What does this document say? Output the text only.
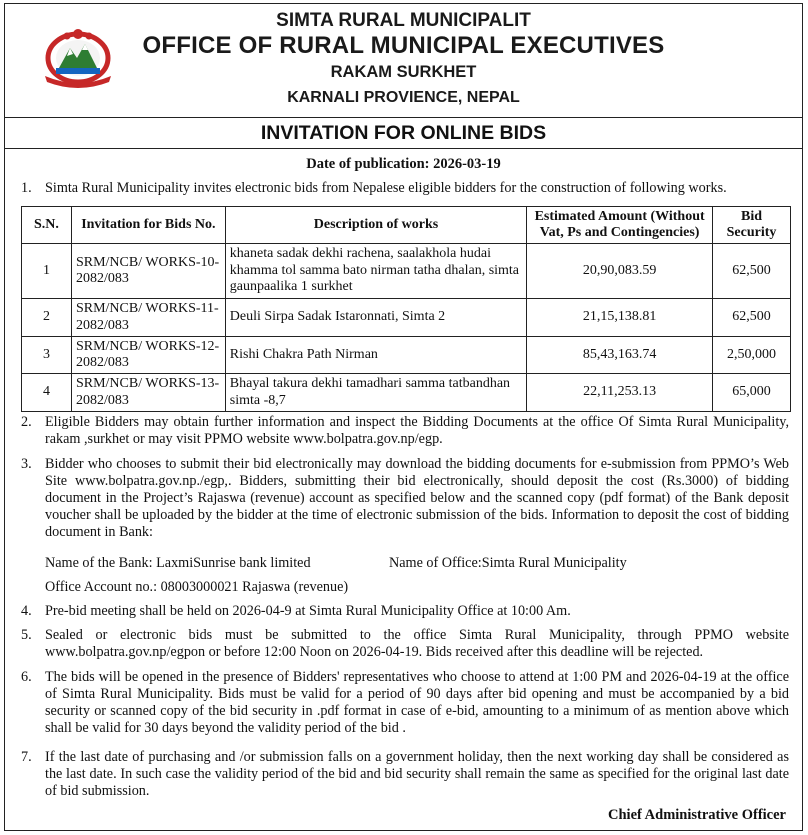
SIMTA RURAL MUNICIPALIT
OFFICE OF RURAL MUNICIPAL EXECUTIVES
RAKAM SURKHET
KARNALI PROVIENCE, NEPAL
INVITATION FOR ONLINE BIDS
Date of publication: 2026-03-19
1. Simta Rural Municipality invites electronic bids from Nepalese eligible bidders for the construction of following works.
S.N.	Invitation for Bids No.	Description of works	Estimated Amount (Without Vat, Ps and Contingencies)	Bid Security
1	SRM/NCB/ WORKS-10-2082/083	khaneta sadak dekhi rachena, saalakhola hudai khamma tol samma bato nirman tatha dhalan, simta gaunpaalika 1 surkhet	20,90,083.59	62,500
2	SRM/NCB/ WORKS-11-2082/083	Deuli Sirpa Sadak Istaronnati, Simta 2	21,15,138.81	62,500
3	SRM/NCB/ WORKS-12-2082/083	Rishi Chakra Path Nirman	85,43,163.74	2,50,000
4	SRM/NCB/ WORKS-13-2082/083	Bhayal takura dekhi tamadhari samma tatbandhan simta -8,7	22,11,253.13	65,000
2. Eligible Bidders may obtain further information and inspect the Bidding Documents at the office Of Simta Rural Municipality, rakam ,surkhet or may visit PPMO website www.bolpatra.gov.np/egp.
3. Bidder who chooses to submit their bid electronically may download the bidding documents for e-submission from PPMO’s Web Site www.bolpatra.gov.np./egp,. Bidders, submitting their bid electronically, should deposit the cost (Rs.3000) of bidding document in the Project’s Rajaswa (revenue) account as specified below and the scanned copy (pdf format) of the Bank deposit voucher shall be uploaded by the bidder at the time of electronic submission of the bids. Information to deposit the cost of bidding document in Bank:
Name of the Bank: LaxmiSunrise bank limited	Name of Office:Simta Rural Municipality
Office Account no.: 08003000021 Rajaswa (revenue)
4. Pre-bid meeting shall be held on 2026-04-9 at Simta Rural Municipality Office at 10:00 Am.
5. Sealed or electronic bids must be submitted to the office Simta Rural Municipality, through PPMO website www.bolpatra.gov.np/egpon or before 12:00 Noon on 2026-04-19. Bids received after this deadline will be rejected.
6. The bids will be opened in the presence of Bidders' representatives who choose to attend at 1:00 PM and 2026-04-19 at the office of Simta Rural Municipality. Bids must be valid for a period of 90 days after bid opening and must be accompanied by a bid security or scanned copy of the bid security in .pdf format in case of e-bid, amounting to a minimum of as mention above which shall be valid for 30 days beyond the validity period of the bid .
7. If the last date of purchasing and /or submission falls on a government holiday, then the next working day shall be considered as the last date. In such case the validity period of the bid and bid security shall remain the same as specified for the original last date of bid submission.
Chief Administrative Officer
